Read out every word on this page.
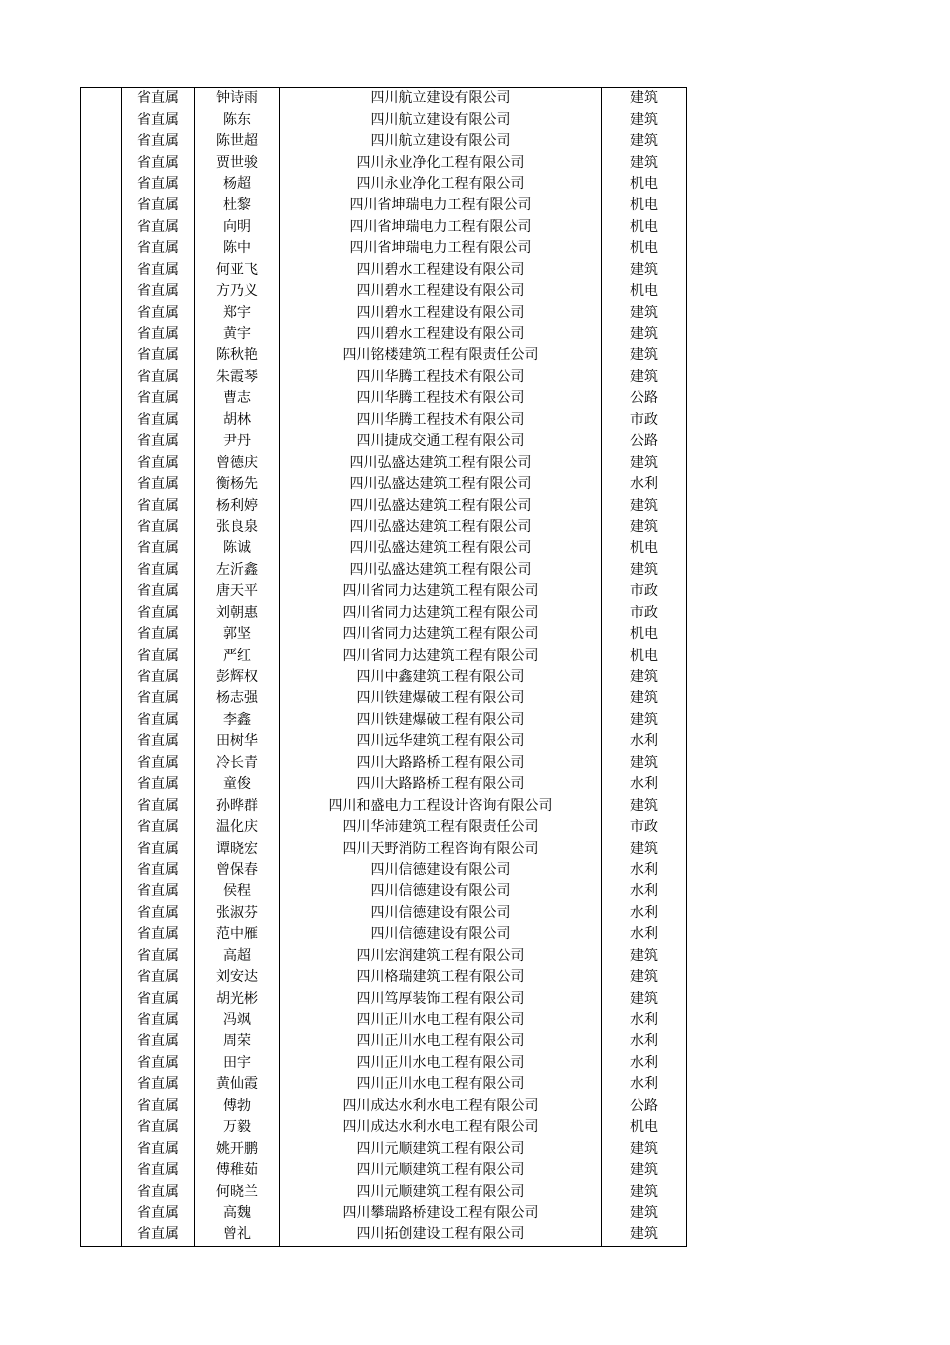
	省直属	钟诗雨	四川航立建设有限公司	建筑
	省直属	陈东	四川航立建设有限公司	建筑
	省直属	陈世超	四川航立建设有限公司	建筑
	省直属	贾世骏	四川永业净化工程有限公司	建筑
	省直属	杨超	四川永业净化工程有限公司	机电
	省直属	杜黎	四川省坤瑞电力工程有限公司	机电
	省直属	向明	四川省坤瑞电力工程有限公司	机电
	省直属	陈中	四川省坤瑞电力工程有限公司	机电
	省直属	何亚飞	四川碧水工程建设有限公司	建筑
	省直属	方乃义	四川碧水工程建设有限公司	机电
	省直属	郑宇	四川碧水工程建设有限公司	建筑
	省直属	黄宇	四川碧水工程建设有限公司	建筑
	省直属	陈秋艳	四川铭楼建筑工程有限责任公司	建筑
	省直属	朱霞琴	四川华腾工程技术有限公司	建筑
	省直属	曹志	四川华腾工程技术有限公司	公路
	省直属	胡林	四川华腾工程技术有限公司	市政
	省直属	尹丹	四川捷成交通工程有限公司	公路
	省直属	曾德庆	四川弘盛达建筑工程有限公司	建筑
	省直属	衡杨先	四川弘盛达建筑工程有限公司	水利
	省直属	杨利婷	四川弘盛达建筑工程有限公司	建筑
	省直属	张良泉	四川弘盛达建筑工程有限公司	建筑
	省直属	陈诚	四川弘盛达建筑工程有限公司	机电
	省直属	左沂鑫	四川弘盛达建筑工程有限公司	建筑
	省直属	唐天平	四川省同力达建筑工程有限公司	市政
	省直属	刘朝惠	四川省同力达建筑工程有限公司	市政
	省直属	郭坚	四川省同力达建筑工程有限公司	机电
	省直属	严红	四川省同力达建筑工程有限公司	机电
	省直属	彭辉权	四川中鑫建筑工程有限公司	建筑
	省直属	杨志强	四川铁建爆破工程有限公司	建筑
	省直属	李鑫	四川铁建爆破工程有限公司	建筑
	省直属	田树华	四川远华建筑工程有限公司	水利
	省直属	冷长青	四川大路路桥工程有限公司	建筑
	省直属	童俊	四川大路路桥工程有限公司	水利
	省直属	孙晔群	四川和盛电力工程设计咨询有限公司	建筑
	省直属	温化庆	四川华沛建筑工程有限责任公司	市政
	省直属	谭晓宏	四川天野消防工程咨询有限公司	建筑
	省直属	曾保春	四川信德建设有限公司	水利
	省直属	侯程	四川信德建设有限公司	水利
	省直属	张淑芬	四川信德建设有限公司	水利
	省直属	范中雁	四川信德建设有限公司	水利
	省直属	高超	四川宏润建筑工程有限公司	建筑
	省直属	刘安达	四川格瑞建筑工程有限公司	建筑
	省直属	胡光彬	四川笃厚装饰工程有限公司	建筑
	省直属	冯飒	四川正川水电工程有限公司	水利
	省直属	周荣	四川正川水电工程有限公司	水利
	省直属	田宇	四川正川水电工程有限公司	水利
	省直属	黄仙霞	四川正川水电工程有限公司	水利
	省直属	傅勃	四川成达水利水电工程有限公司	公路
	省直属	万毅	四川成达水利水电工程有限公司	机电
	省直属	姚开鹏	四川元顺建筑工程有限公司	建筑
	省直属	傅稚茹	四川元顺建筑工程有限公司	建筑
	省直属	何晓兰	四川元顺建筑工程有限公司	建筑
	省直属	高魏	四川攀瑞路桥建设工程有限公司	建筑
	省直属	曾礼	四川拓创建设工程有限公司	建筑
